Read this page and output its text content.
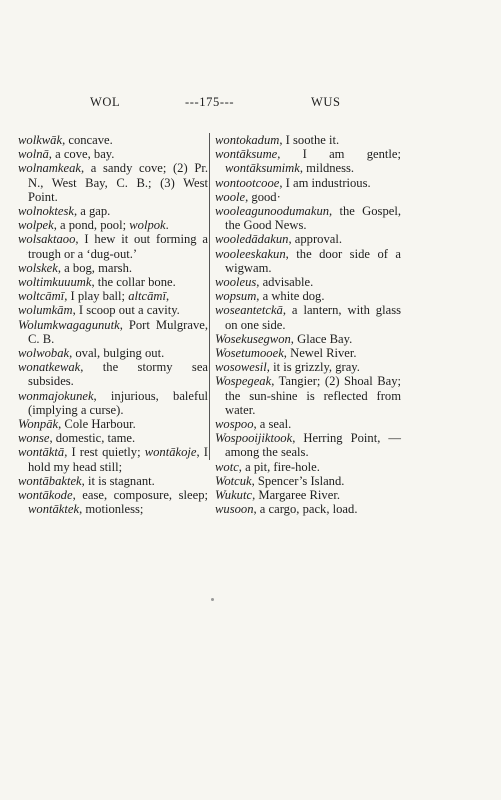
WOL	---175---	WUS

wolkwāk, concave.

wolnā, a cove, bay.

wolnamkeak, a sandy cove; (2) Pr. N., West Bay, C. B.; (3) West Point.

wolnoktesk, a gap.

wolpek, a pond, pool; wolpok.

wolsaktaoo, I hew it out forming a trough or a ‘dug-out.’

wolskek, a bog, marsh.

woltimkuuumk, the collar bone.

woltcāmī, I play ball; altcāmī,

wolumkām, I scoop out a cavity.

Wolumkwagagunutk, Port Mulgrave, C. B.

wolwobak, oval, bulging out.

wonatkewak, the stormy sea subsides.

wonmajokunek, injurious, baleful (implying a curse).

Wonpāk, Cole Harbour.

wonse, domestic, tame.

wontāktā, I rest quietly; wontākoje, I hold my head still;

wontābaktek, it is stagnant.

wontākode, ease, composure, sleep; wontāktek, motionless;

wontokadum, I soothe it.

wontāksume, I am gentle; wontāksumimk, mildness.

wontootcooe, I am industrious.

woole, good·

wooleagunoodumakun, the Gospel, the Good News.

wooledādakun, approval.

wooleeskakun, the door side of a wigwam.

wooleus, advisable.

wopsum, a white dog.

woseantetckā, a lantern, with glass on one side.

Wosekusegwon, Glace Bay.

Wosetumooek, Newel River.

wosowesil, it is grizzly, gray.

Wospegeak, Tangier; (2) Shoal Bay; the sun-shine is reflected from water.

wospoo, a seal.

Wospooijiktook, Herring Point, —among the seals.

wotc, a pit, fire-hole.

Wotcuk, Spencer’s Island.

Wukutc, Margaree River.

wusoon, a cargo, pack, load.
